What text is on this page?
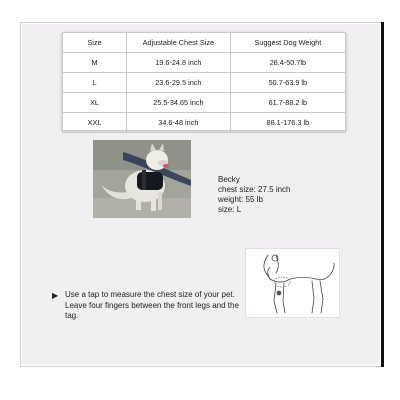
Size	Adjustable Chest Size	Suggest Dog Weight
M	19.6-24.8 inch	26.4-50.7lb
L	23.6-29.5 inch	50.7-63.9 lb
XL	25.5-34.65 inch	61.7-88.2 lb
XXL	34.6-48 inch	88.1-176.3 lb
Becky
chest size: 27.5 inch
weight: 55 lb
size: L
▶ Use a tap to measure the chest size of your pet. Leave four fingers between the front legs and the tag.
